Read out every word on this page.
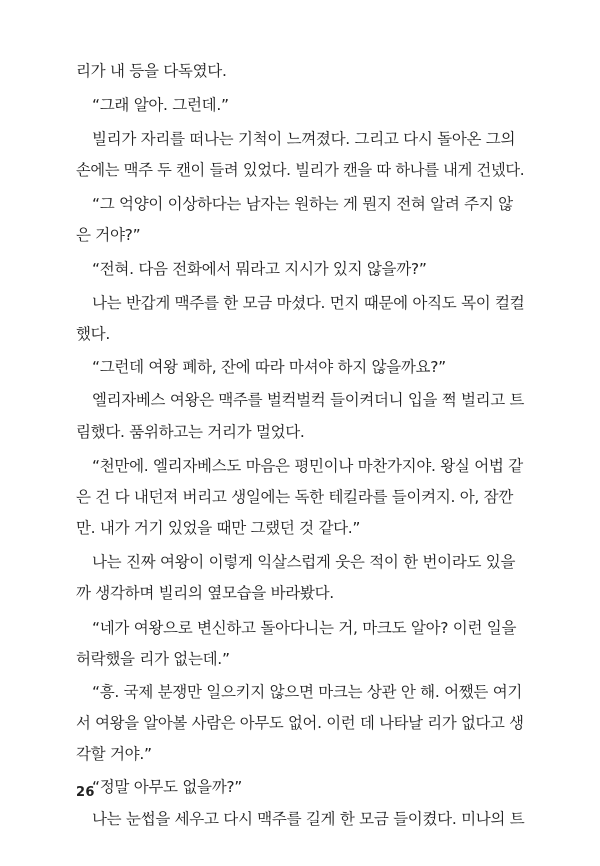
리가 내 등을 다독였다.
“그래 알아. 그런데.”
빌리가 자리를 떠나는 기척이 느껴졌다. 그리고 다시 돌아온 그의
손에는 맥주 두 캔이 들려 있었다. 빌리가 캔을 따 하나를 내게 건넸다.
“그 억양이 이상하다는 남자는 원하는 게 뭔지 전혀 알려 주지 않
은 거야?”
“전혀. 다음 전화에서 뭐라고 지시가 있지 않을까?”
나는 반갑게 맥주를 한 모금 마셨다. 먼지 때문에 아직도 목이 컬컬
했다.
“그런데 여왕 폐하, 잔에 따라 마셔야 하지 않을까요?”
엘리자베스 여왕은 맥주를 벌컥벌컥 들이켜더니 입을 쩍 벌리고 트
림했다. 품위하고는 거리가 멀었다.
“천만에. 엘리자베스도 마음은 평민이나 마찬가지야. 왕실 어법 같
은 건 다 내던져 버리고 생일에는 독한 테킬라를 들이켜지. 아, 잠깐
만. 내가 거기 있었을 때만 그랬던 것 같다.”
나는 진짜 여왕이 이렇게 익살스럽게 웃은 적이 한 번이라도 있을
까 생각하며 빌리의 옆모습을 바라봤다.
“네가 여왕으로 변신하고 돌아다니는 거, 마크도 알아? 이런 일을
허락했을 리가 없는데.”
“흥. 국제 분쟁만 일으키지 않으면 마크는 상관 안 해. 어쨌든 여기
서 여왕을 알아볼 사람은 아무도 없어. 이런 데 나타날 리가 없다고 생
각할 거야.”
“정말 아무도 없을까?”
나는 눈썹을 세우고 다시 맥주를 길게 한 모금 들이켰다. 미나의 트
26
